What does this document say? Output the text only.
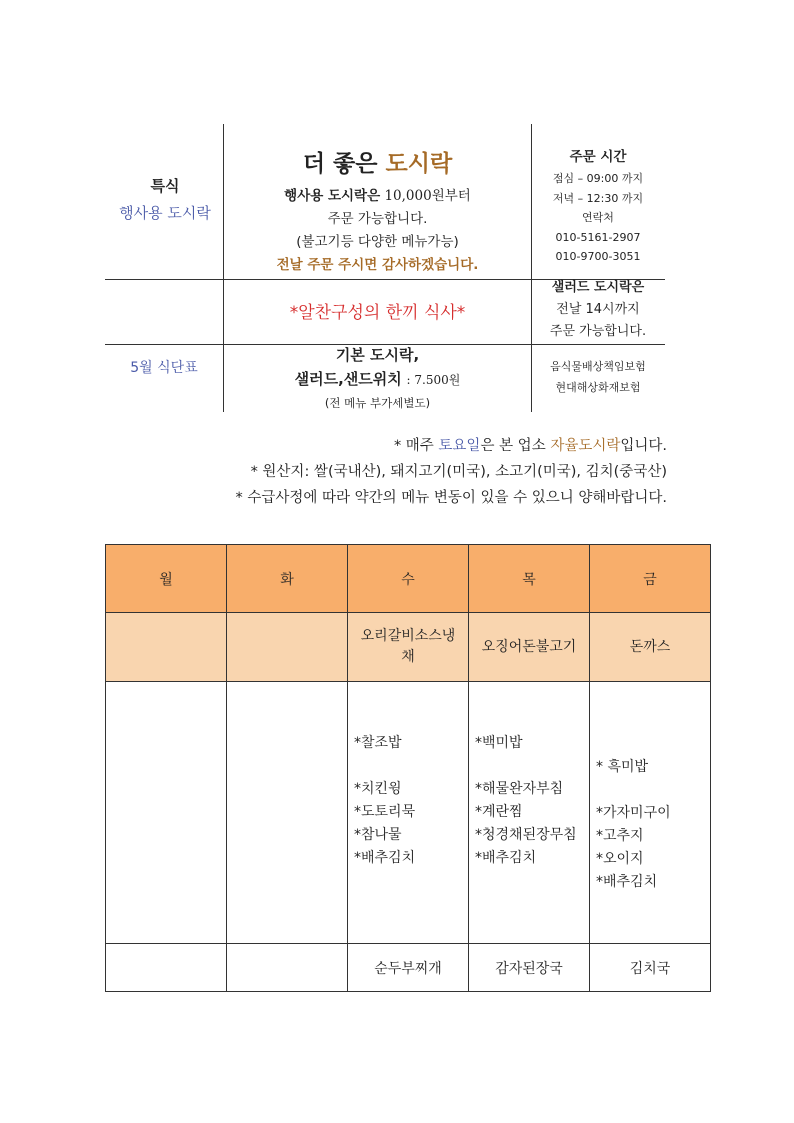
특식
행사용 도시락
5월 식단표
더 좋은 도시락
행사용 도시락은 10,000원부터
주문 가능합니다.
(불고기등 다양한 메뉴가능)
전날 주문 주시면 감사하겠습니다.
*알찬구성의 한끼 식사*
기본 도시락,
샐러드,샌드위치 : 7.500원
(전 메뉴 부가세별도)
주문 시간
점심 – 09:00 까지
저녁 – 12:30 까지
연락처
010-5161-2907
010-9700-3051
샐러드 도시락은
전날 14시까지
주문 가능합니다.
음식물배상책임보험
현대해상화재보험
* 매주 토요일은 본 업소 자율도시락입니다.
* 원산지: 쌀(국내산), 돼지고기(미국), 소고기(미국), 김치(중국산)
* 수급사정에 따라 약간의 메뉴 변동이 있을 수 있으니 양해바랍니다.
월	화	수	목	금

		오리갈비소스냉채	오징어돈불고기	돈까스

		*찰조밥
*치킨윙
*도토리묵
*참나물
*배추김치	*백미밥
*해물완자부침
*계란찜
*청경채된장무침
*배추김치	* 흑미밥
*가자미구이
*고추지
*오이지
*배추김치

		순두부찌개	감자된장국	김치국
